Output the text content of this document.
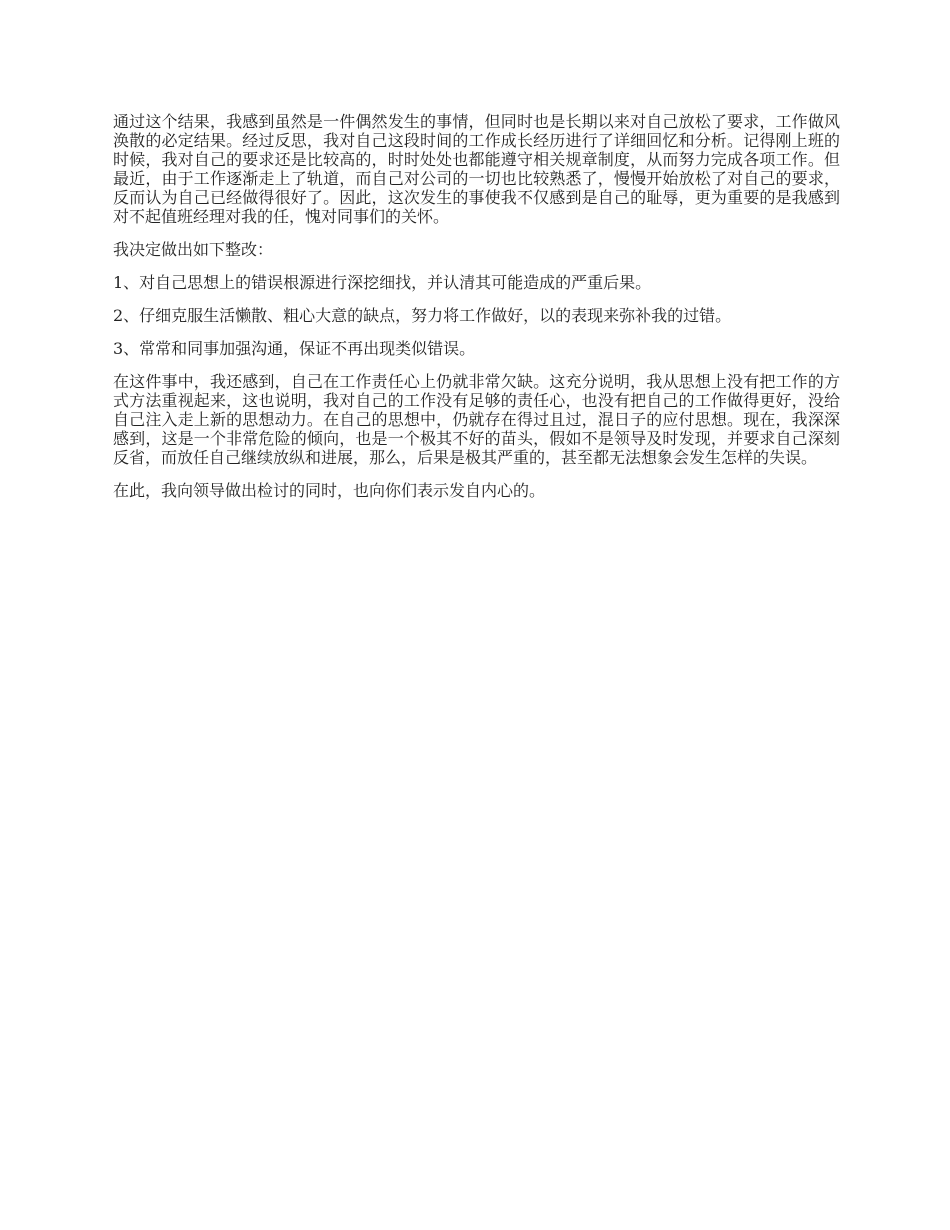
通过这个结果，我感到虽然是一件偶然发生的事情，但同时也是长期以来对自己放松了要求，工作做风涣散的必定结果。经过反思，我对自己这段时间的工作成长经历进行了详细回忆和分析。记得刚上班的时候，我对自己的要求还是比较高的，时时处处也都能遵守相关规章制度，从而努力完成各项工作。但最近，由于工作逐渐走上了轨道，而自己对公司的一切也比较熟悉了，慢慢开始放松了对自己的要求，反而认为自己已经做得很好了。因此，这次发生的事使我不仅感到是自己的耻辱，更为重要的是我感到对不起值班经理对我的任，愧对同事们的关怀。

我决定做出如下整改：

1、对自己思想上的错误根源进行深挖细找，并认清其可能造成的严重后果。

2、仔细克服生活懒散、粗心大意的缺点，努力将工作做好，以的表现来弥补我的过错。

3、常常和同事加强沟通，保证不再出现类似错误。

在这件事中，我还感到，自己在工作责任心上仍就非常欠缺。这充分说明，我从思想上没有把工作的方式方法重视起来，这也说明，我对自己的工作没有足够的责任心，也没有把自己的工作做得更好，没给自己注入走上新的思想动力。在自己的思想中，仍就存在得过且过，混日子的应付思想。现在，我深深感到，这是一个非常危险的倾向，也是一个极其不好的苗头，假如不是领导及时发现，并要求自己深刻反省，而放任自己继续放纵和进展，那么，后果是极其严重的，甚至都无法想象会发生怎样的失误。

在此，我向领导做出检讨的同时，也向你们表示发自内心的。
